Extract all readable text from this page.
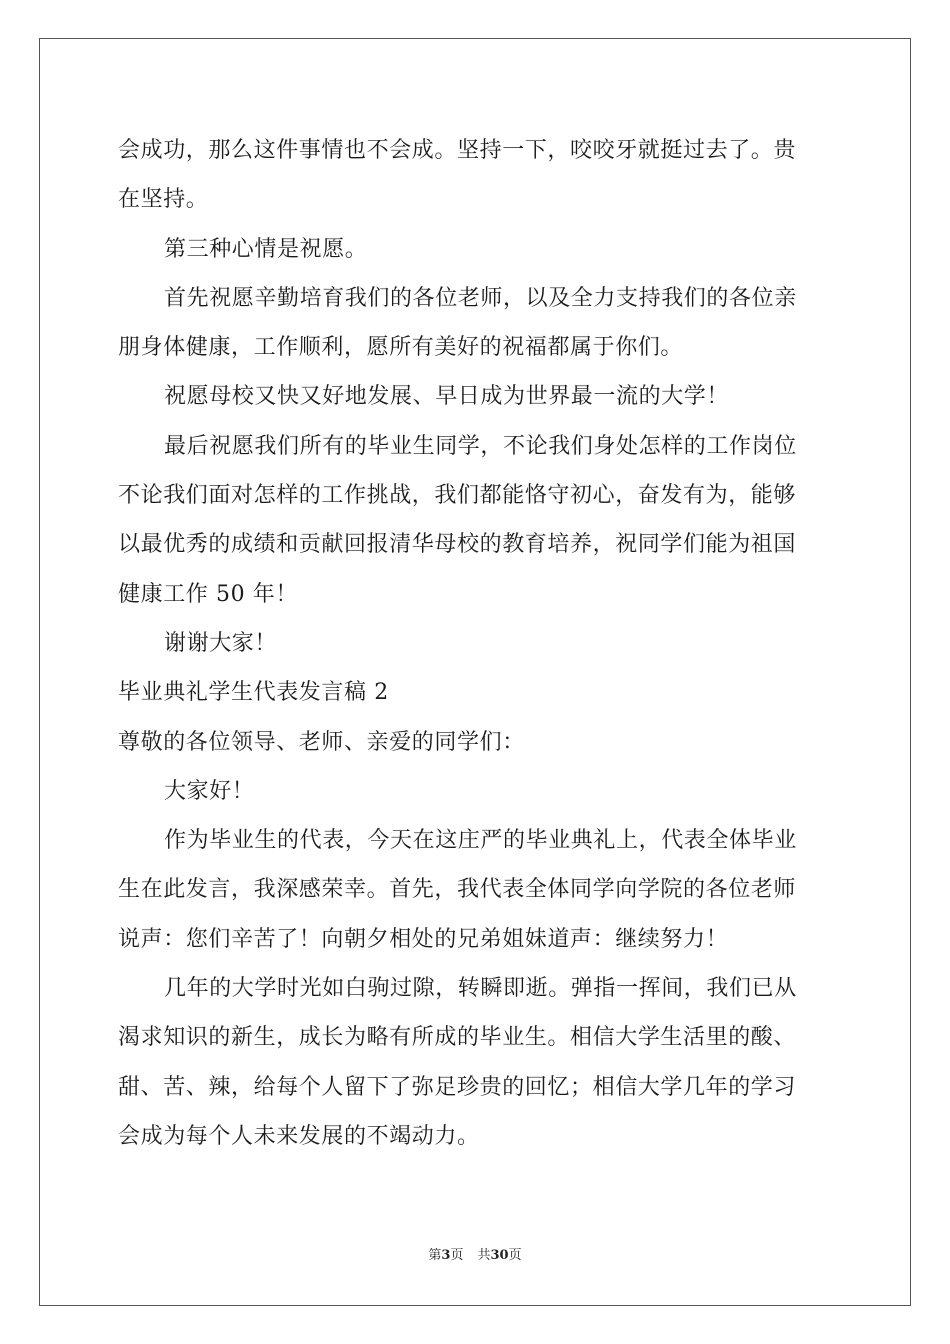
会成功，那么这件事情也不会成。坚持一下，咬咬牙就挺过去了。贵
在坚持。
第三种心情是祝愿。
首先祝愿辛勤培育我们的各位老师，以及全力支持我们的各位亲
朋身体健康，工作顺利，愿所有美好的祝福都属于你们。
祝愿母校又快又好地发展、早日成为世界最一流的大学！
最后祝愿我们所有的毕业生同学，不论我们身处怎样的工作岗位
不论我们面对怎样的工作挑战，我们都能恪守初心，奋发有为，能够
以最优秀的成绩和贡献回报清华母校的教育培养，祝同学们能为祖国
健康工作 50 年！
谢谢大家！
毕业典礼学生代表发言稿 2
尊敬的各位领导、老师、亲爱的同学们：
大家好！
作为毕业生的代表，今天在这庄严的毕业典礼上，代表全体毕业
生在此发言，我深感荣幸。首先，我代表全体同学向学院的各位老师
说声：您们辛苦了！向朝夕相处的兄弟姐妹道声：继续努力！
几年的大学时光如白驹过隙，转瞬即逝。弹指一挥间，我们已从
渴求知识的新生，成长为略有所成的毕业生。相信大学生活里的酸、
甜、苦、辣，给每个人留下了弥足珍贵的回忆；相信大学几年的学习
会成为每个人未来发展的不竭动力。
第3页 共30页
